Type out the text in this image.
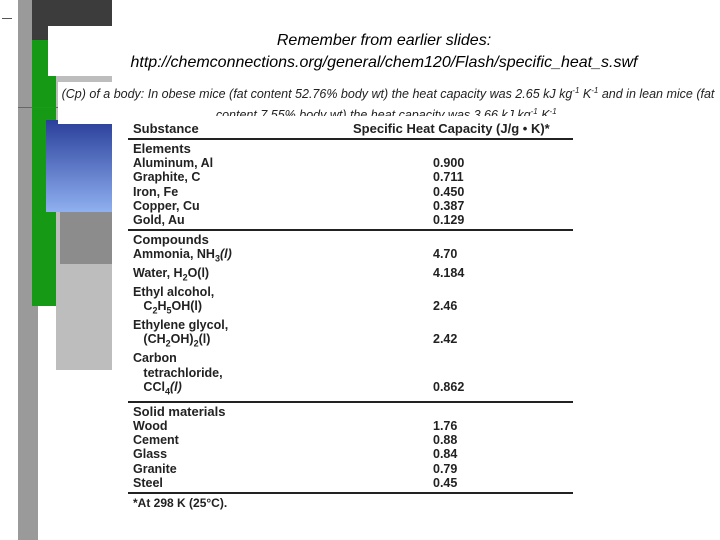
Remember from earlier slides:
http://chemconnections.org/general/chem120/Flash/specific_heat_s.swf
(Cp) of a body: In obese mice (fat content 52.76% body wt) the heat capacity was 2.65 kJ $kg^{-1}$ $K^{-1}$ and in lean mice (fat $^{-1}$ $^{-1}$
Substance	Specific Heat Capacity (J/g • K)*
Elements
Aluminum, Al	0.900
Graphite, C	0.711
Iron, Fe	0.450
Copper, Cu	0.387
Gold, Au	0.129
Compounds
Ammonia, $NH_3(l)$	4.70
Water, $H_2O(l)$	4.184
Ethyl alcohol,
$C_2H_5OH(l)$	2.46
Ethylene glycol,
$(CH_2OH)_2(l)$	2.42
Carbon
tetrachloride,
CCl$_4$(l)	0.862
Solid materials
Wood	1.76
Cement	0.88
Glass	0.84
Granite	0.79
Steel	0.45
*At 298 K (25°C).
